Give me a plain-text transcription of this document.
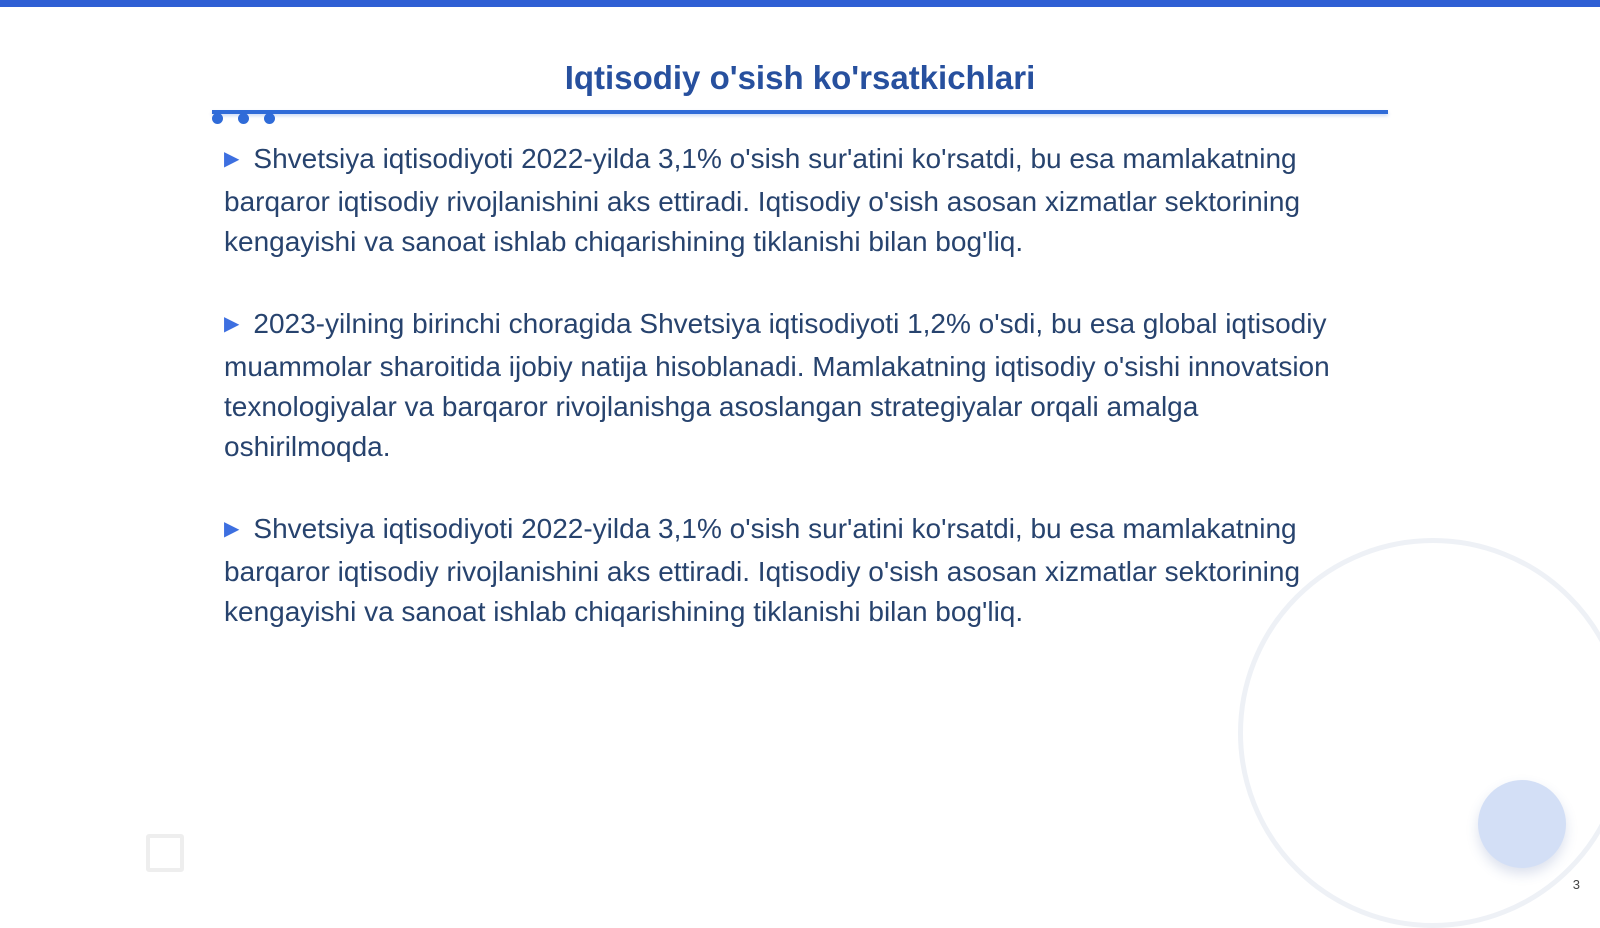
Iqtisodiy o'sish ko'rsatkichlari

▶ Shvetsiya iqtisodiyoti 2022-yilda 3,1% o'sish sur'atini ko'rsatdi, bu esa mamlakatning barqaror iqtisodiy rivojlanishini aks ettiradi. Iqtisodiy o'sish asosan xizmatlar sektorining kengayishi va sanoat ishlab chiqarishining tiklanishi bilan bog'liq.

▶ 2023-yilning birinchi choragida Shvetsiya iqtisodiyoti 1,2% o'sdi, bu esa global iqtisodiy muammolar sharoitida ijobiy natija hisoblanadi. Mamlakatning iqtisodiy o'sishi innovatsion texnologiyalar va barqaror rivojlanishga asoslangan strategiyalar orqali amalga oshirilmoqda.

▶ Shvetsiya iqtisodiyoti 2022-yilda 3,1% o'sish sur'atini ko'rsatdi, bu esa mamlakatning barqaror iqtisodiy rivojlanishini aks ettiradi. Iqtisodiy o'sish asosan xizmatlar sektorining kengayishi va sanoat ishlab chiqarishining tiklanishi bilan bog'liq.

3
